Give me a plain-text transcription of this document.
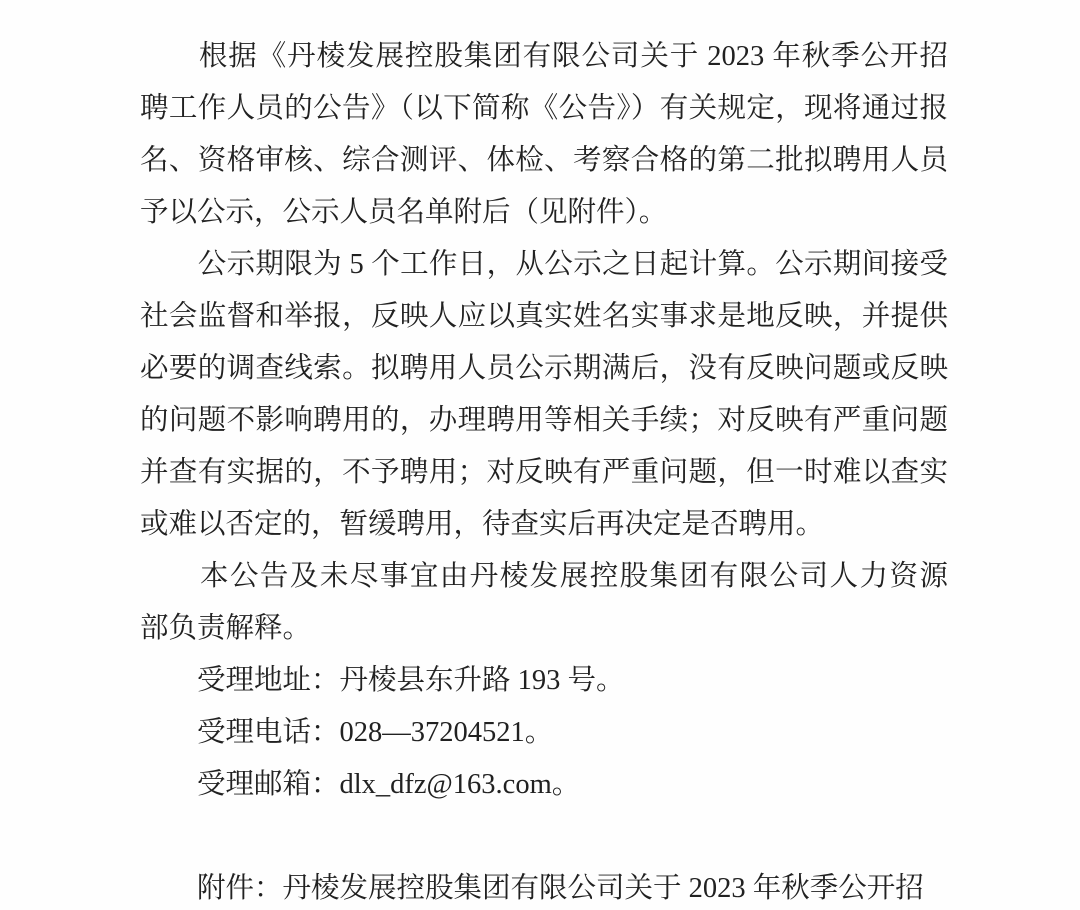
　　根据《丹棱发展控股集团有限公司关于 2023 年秋季公开招
聘工作人员的公告》（以下简称《公告》）有关规定，现将通过报
名、资格审核、综合测评、体检、考察合格的第二批拟聘用人员
予以公示，公示人员名单附后（见附件）。
　　公示期限为 5 个工作日，从公示之日起计算。公示期间接受
社会监督和举报，反映人应以真实姓名实事求是地反映，并提供
必要的调查线索。拟聘用人员公示期满后，没有反映问题或反映
的问题不影响聘用的，办理聘用等相关手续；对反映有严重问题
并查有实据的，不予聘用；对反映有严重问题，但一时难以查实
或难以否定的，暂缓聘用，待查实后再决定是否聘用。
　　本公告及未尽事宜由丹棱发展控股集团有限公司人力资源
部负责解释。
　　受理地址：丹棱县东升路 193 号。
　　受理电话：028—37204521。
　　受理邮箱：dlx_dfz@163.com。
　　附件：丹棱发展控股集团有限公司关于 2023 年秋季公开招
